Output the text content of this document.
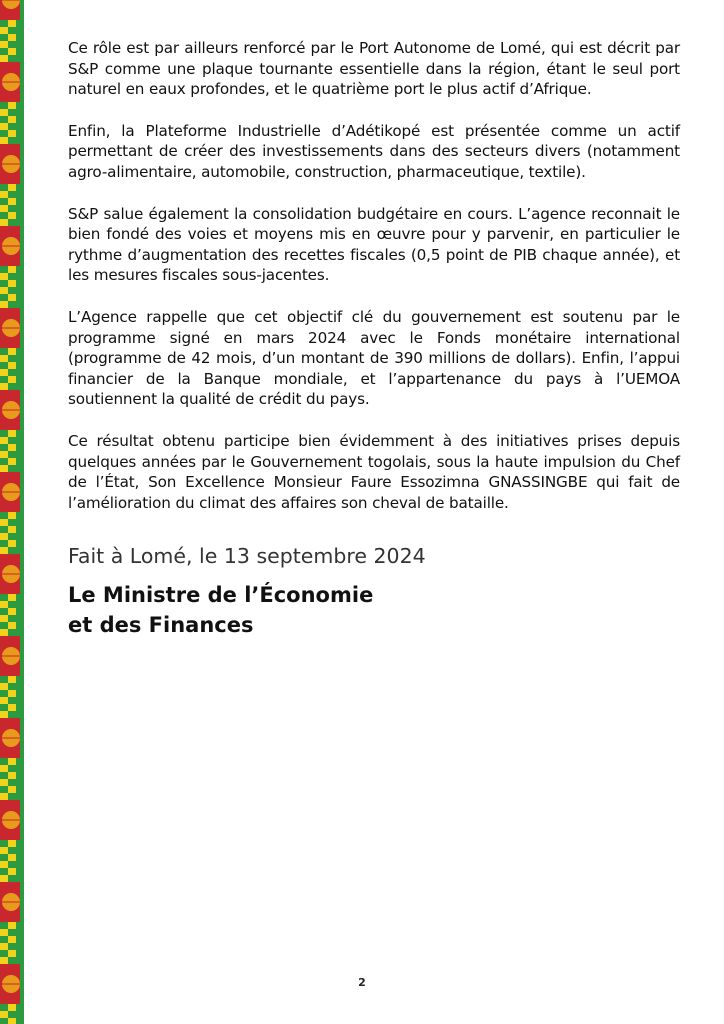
Ce rôle est par ailleurs renforcé par le Port Autonome de Lomé, qui est décrit par S&P comme une plaque tournante essentielle dans la région, étant le seul port naturel en eaux profondes, et le quatrième port le plus actif d’Afrique.

Enfin, la Plateforme Industrielle d’Adétikopé est présentée comme un actif permettant de créer des investissements dans des secteurs divers (notamment agro-alimentaire, automobile, construction, pharmaceutique, textile).

S&P salue également la consolidation budgétaire en cours. L’agence reconnait le bien fondé des voies et moyens mis en œuvre pour y parvenir, en particulier le rythme d’augmentation des recettes fiscales (0,5 point de PIB chaque année), et les mesures fiscales sous-jacentes.

L’Agence rappelle que cet objectif clé du gouvernement est soutenu par le programme signé en mars 2024 avec le Fonds monétaire international (programme de 42 mois, d’un montant de 390 millions de dollars). Enfin, l’appui financier de la Banque mondiale, et l’appartenance du pays à l’UEMOA soutiennent la qualité de crédit du pays.

Ce résultat obtenu participe bien évidemment à des initiatives prises depuis quelques années par le Gouvernement togolais, sous la haute impulsion du Chef de l’État, Son Excellence Monsieur Faure Essozimna GNASSINGBE qui fait de l’amélioration du climat des affaires son cheval de bataille.

Fait à Lomé, le 13 septembre 2024
Le Ministre de l’Économie
et des Finances
2
